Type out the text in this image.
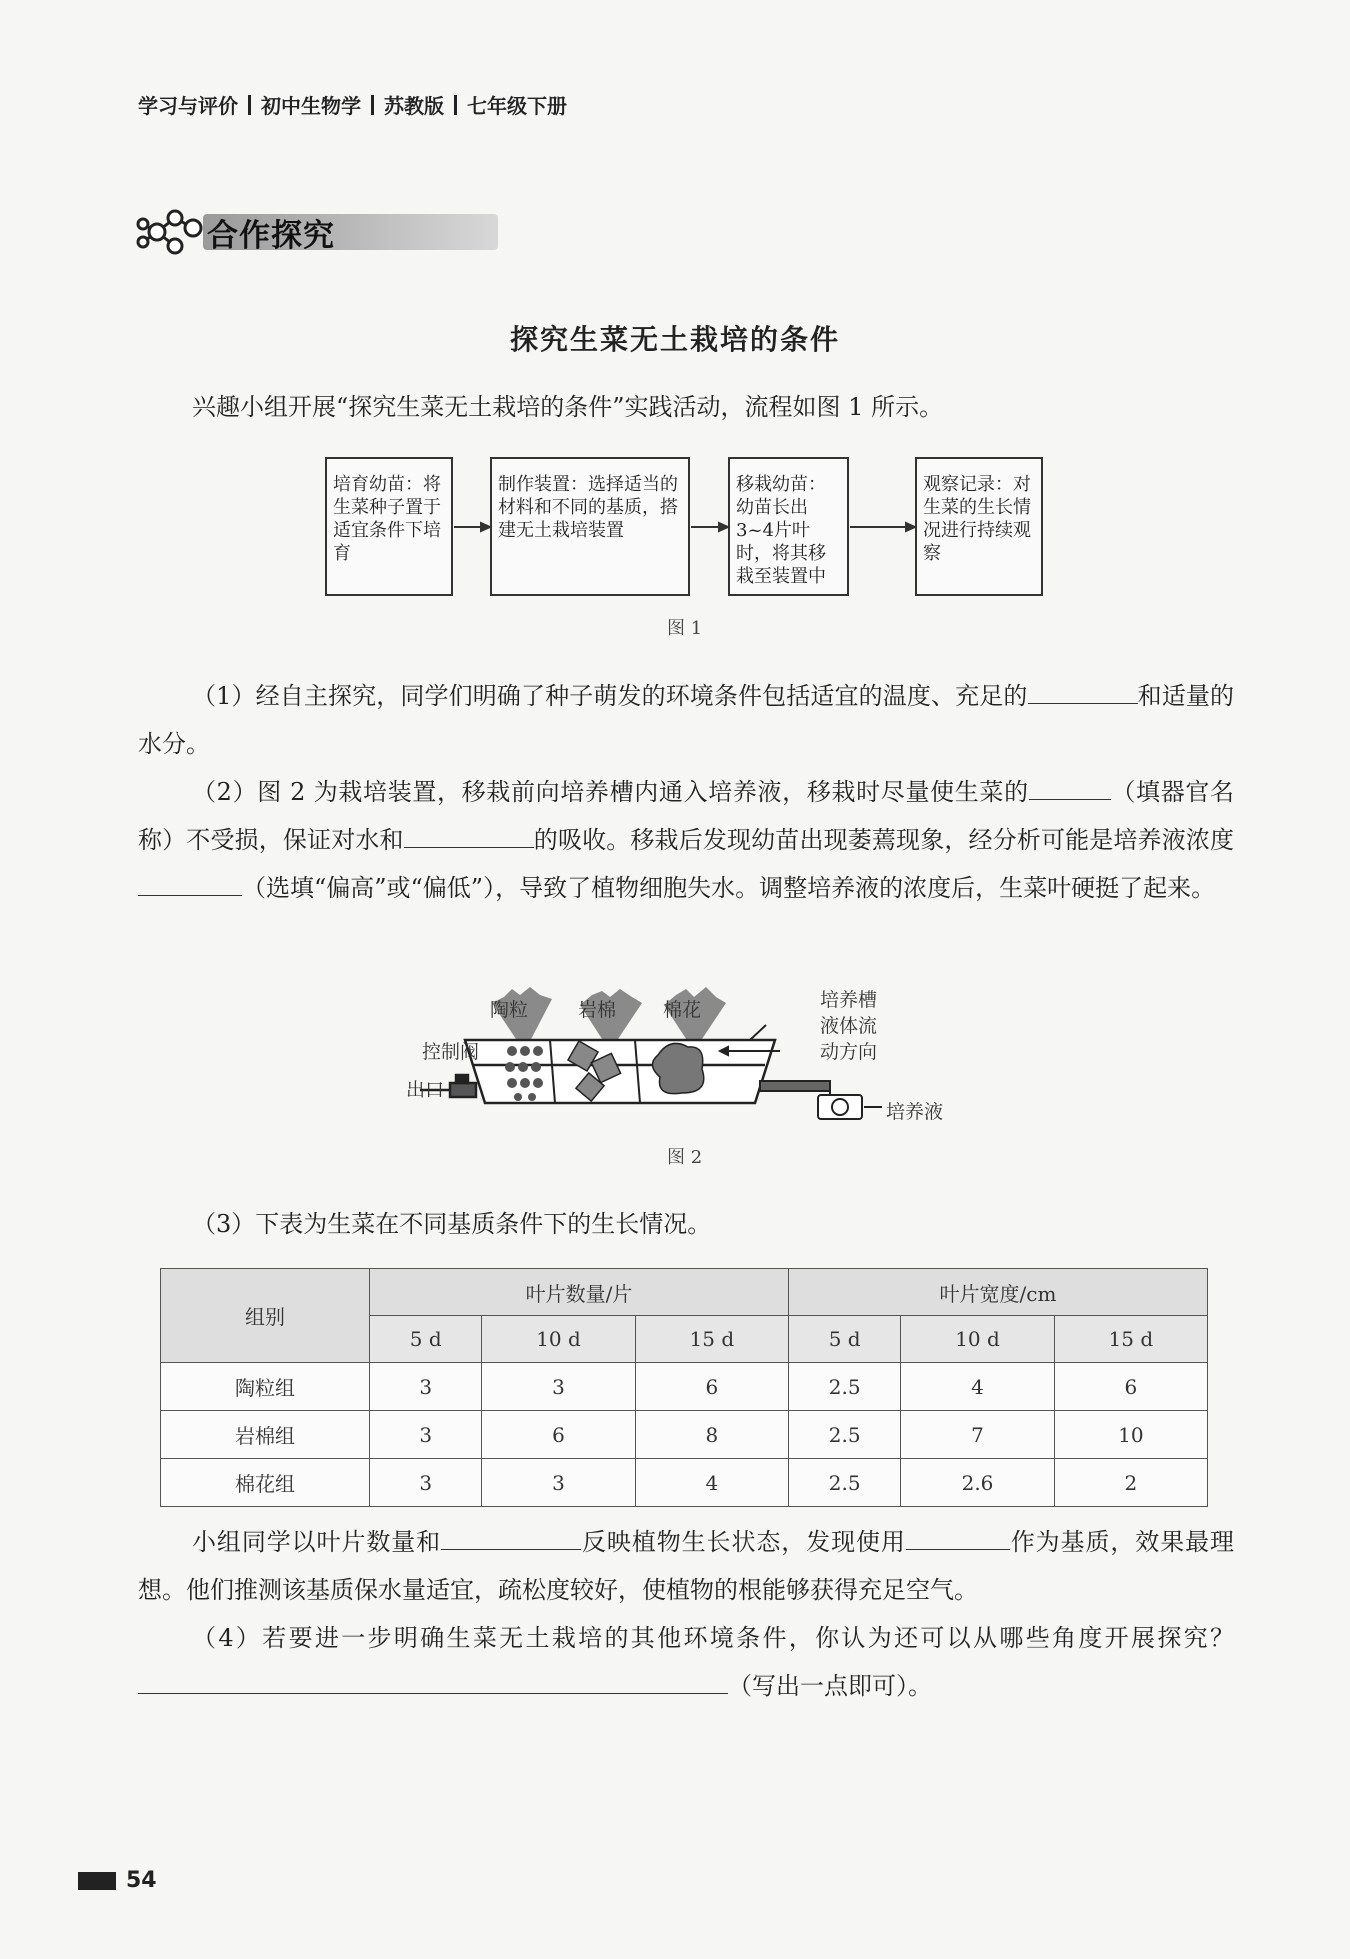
学习与评价 初中生物学 苏教版 七年级下册
合作探究
探究生菜无土栽培的条件
兴趣小组开展“探究生菜无土栽培的条件”实践活动，流程如图 1 所示。
培育幼苗：将生菜种子置于适宜条件下培育
制作装置：选择适当的材料和不同的基质，搭建无土栽培装置
移栽幼苗：幼苗长出3~4片叶时，将其移栽至装置中
观察记录：对生菜的生长情况进行持续观察
图 1
（1）经自主探究，同学们明确了种子萌发的环境条件包括适宜的温度、充足的	和适量的水分。
（2）图 2 为栽培装置，移栽前向培养槽内通入培养液，移栽时尽量使生菜的	（填器官名称）不受损，保证对水和	的吸收。移栽后发现幼苗出现萎蔫现象，经分析可能是培养液浓度（选填“偏高”或“偏低”），导致了植物细胞失水。调整培养液的浓度后，生菜叶硬挺了起来。
陶粒	岩棉 棉花	培养槽
液体流
动方向
控制阀
出口
培养液
图 2
（3）下表为生菜在不同基质条件下的生长情况。
组别	叶片数量/片			叶片宽度/cm		
	5 d	10 d	15 d	5 d	10 d	15 d
陶粒组	3	3	6	2.5	4	6
岩棉组	3	6	8	2.5	7	10
棉花组	3	3	4	2.5	2.6	2
小组同学以叶片数量和	反映植物生长状态，发现使用	作为基质，效果最理想。他们推测该基质保水量适宜，疏松度较好，使植物的根能够获得充足空气。
（4）若要进一步明确生菜无土栽培的其他环境条件，你认为还可以从哪些角度开展探究？（写出一点即可）。
54
